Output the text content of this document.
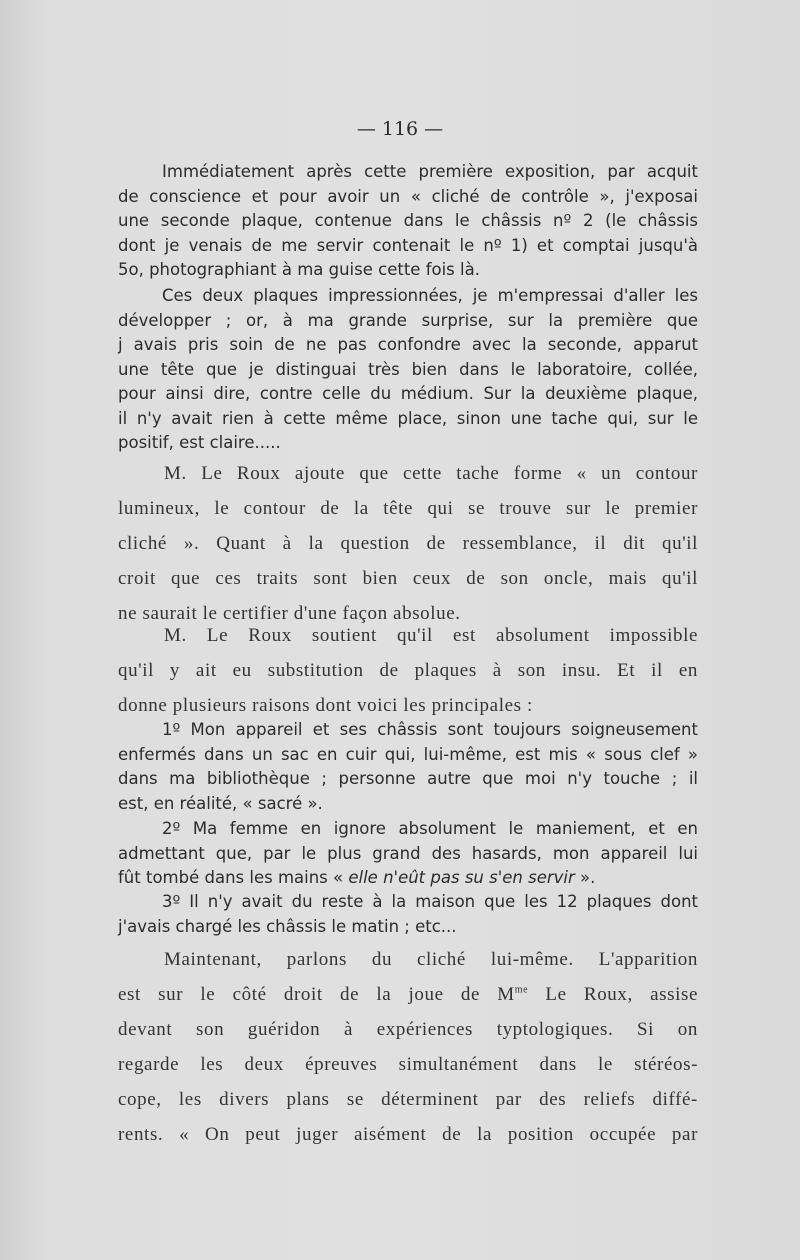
— 116 —
Immédiatement après cette première exposition, par acquit
de conscience et pour avoir un « cliché de contrôle », j'exposai
une seconde plaque, contenue dans le châssis nº 2 (le châssis
dont je venais de me servir contenait le nº 1) et comptai jusqu'à
5o, photographiant à ma guise cette fois là.
Ces deux plaques impressionnées, je m'empressai d'aller les
développer ; or, à ma grande surprise, sur la première que
j avais pris soin de ne pas confondre avec la seconde, apparut
une tête que je distinguai très bien dans le laboratoire, collée,
pour ainsi dire, contre celle du médium. Sur la deuxième plaque,
il n'y avait rien à cette même place, sinon une tache qui, sur le
positif, est claire.....
M. Le Roux ajoute que cette tache forme « un contour
lumineux, le contour de la tête qui se trouve sur le premier
cliché ». Quant à la question de ressemblance, il dit qu'il
croit que ces traits sont bien ceux de son oncle, mais qu'il
ne saurait le certifier d'une façon absolue.
M. Le Roux soutient qu'il est absolument impossible
qu'il y ait eu substitution de plaques à son insu. Et il en
donne plusieurs raisons dont voici les principales :
1º Mon appareil et ses châssis sont toujours soigneusement
enfermés dans un sac en cuir qui, lui-même, est mis « sous clef »
dans ma bibliothèque ; personne autre que moi n'y touche ; il
est, en réalité, « sacré ».
2º Ma femme en ignore absolument le maniement, et en
admettant que, par le plus grand des hasards, mon appareil lui
fût tombé dans les mains « elle n'eût pas su s'en servir ».
3º Il n'y avait du reste à la maison que les 12 plaques dont
j'avais chargé les châssis le matin ; etc...
Maintenant, parlons du cliché lui-même. L'apparition
est sur le côté droit de la joue de $M^{me}$ Le Roux, assise
devant son guéridon à expériences typtologiques. Si on
regarde les deux épreuves simultanément dans le stéréos-
cope, les divers plans se déterminent par des reliefs diffé-
rents. « On peut juger aisément de la position occupée par
